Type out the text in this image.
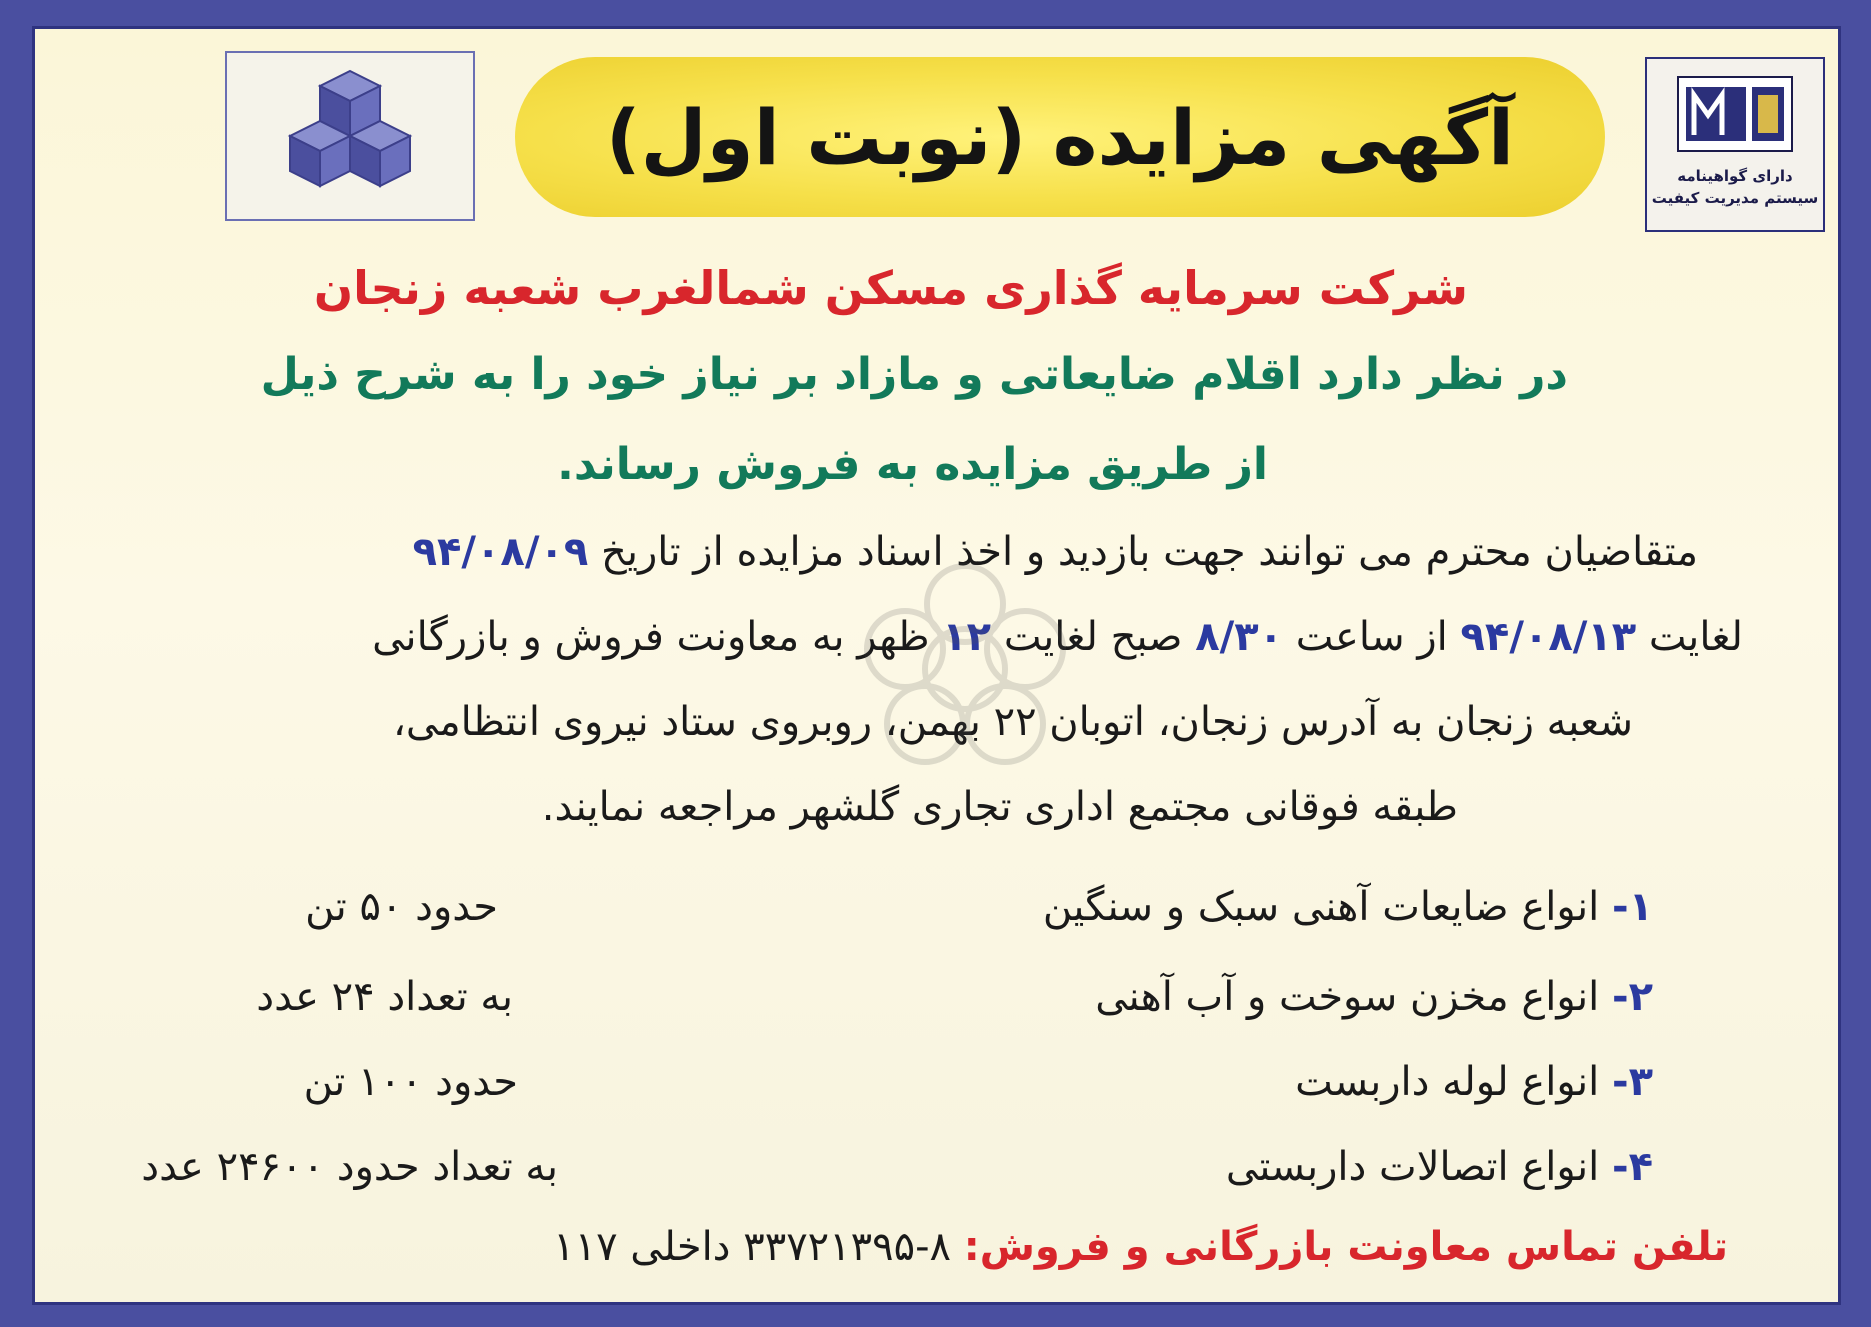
آگهی مزایده (نوبت اول)	دارای گواهینامه
سیستم مدیریت کیفیت
شرکت سرمایه گذاری مسکن شمالغرب شعبه زنجان
در نظر دارد اقلام ضایعاتی و مازاد بر نیاز خود را به شرح ذیل
از طریق مزایده به فروش رساند.
متقاضیان محترم می توانند جهت بازدید و اخذ اسناد مزایده از تاریخ ۹۴/۰۸/۰۹
لغایت ۹۴/۰۸/۱۳ از ساعت ۸/۳۰ صبح لغایت ۱۲ ظهر به معاونت فروش و بازرگانی
شعبه زنجان به آدرس زنجان، اتوبان ۲۲ بهمن، روبروی ستاد نیروی انتظامی،
طبقه فوقانی مجتمع اداری تجاری گلشهر مراجعه نمایند.
۱- انواع ضایعات آهنی سبک و سنگین
حدود ۵۰ تن
۲- انواع مخزن سوخت و آب آهنی
به تعداد ۲۴ عدد
۳- انواع لوله داربست
حدود ۱۰۰ تن
۴- انواع اتصالات داربستی
به تعداد حدود ۲۴۶۰۰ عدد
تلفن تماس معاونت بازرگانی و فروش: ۸-۳۳۷۲۱۳۹۵ داخلی ۱۱۷
